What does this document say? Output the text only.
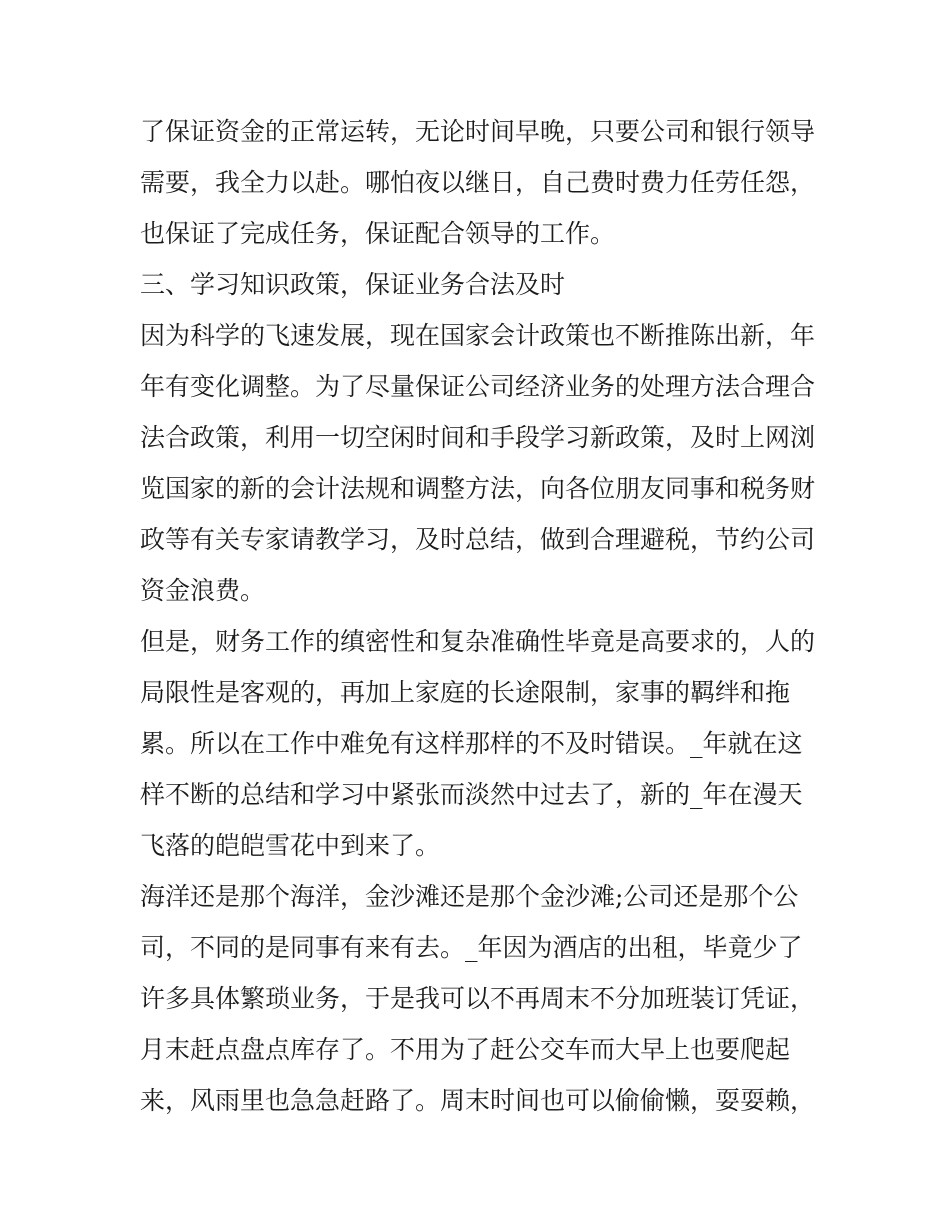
了保证资金的正常运转，无论时间早晚，只要公司和银行领导
需要，我全力以赴。哪怕夜以继日，自己费时费力任劳任怨，
也保证了完成任务，保证配合领导的工作。
三、学习知识政策，保证业务合法及时
因为科学的飞速发展，现在国家会计政策也不断推陈出新，年
年有变化调整。为了尽量保证公司经济业务的处理方法合理合
法合政策，利用一切空闲时间和手段学习新政策，及时上网浏
览国家的新的会计法规和调整方法，向各位朋友同事和税务财
政等有关专家请教学习，及时总结，做到合理避税，节约公司
资金浪费。
但是，财务工作的缜密性和复杂准确性毕竟是高要求的，人的
局限性是客观的，再加上家庭的长途限制，家事的羁绊和拖
累。所以在工作中难免有这样那样的不及时错误。_年就在这
样不断的总结和学习中紧张而淡然中过去了，新的_年在漫天
飞落的皑皑雪花中到来了。
海洋还是那个海洋，金沙滩还是那个金沙滩;公司还是那个公
司，不同的是同事有来有去。_年因为酒店的出租，毕竟少了
许多具体繁琐业务，于是我可以不再周末不分加班装订凭证，
月末赶点盘点库存了。不用为了赶公交车而大早上也要爬起
来，风雨里也急急赶路了。周末时间也可以偷偷懒，耍耍赖，
